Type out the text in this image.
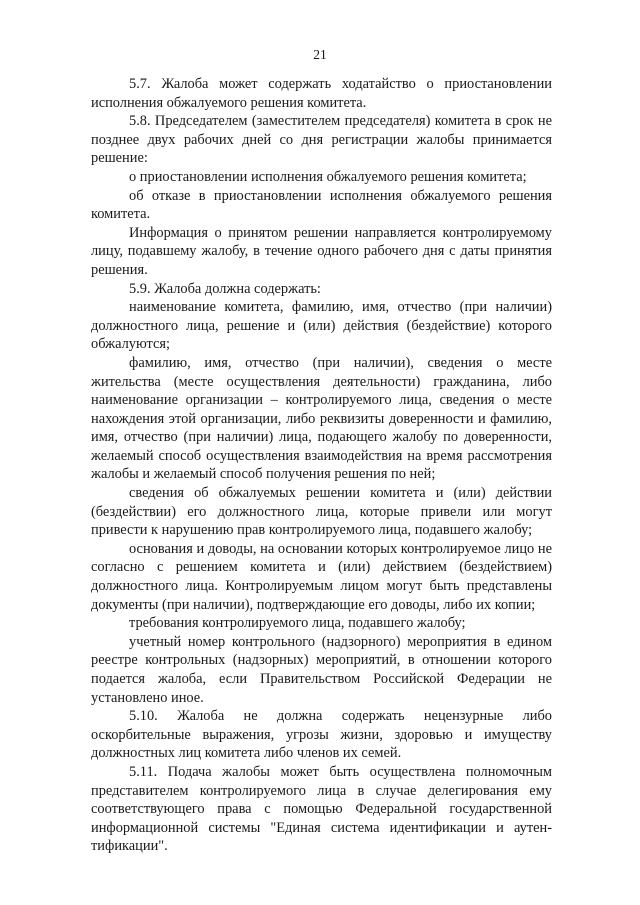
21

5.7. Жалоба может содержать ходатайство о приостановлении исполнения обжалуемого решения комитета.

5.8. Председателем (заместителем председателя) комитета в срок не позднее двух рабочих дней со дня регистрации жалобы принимается решение:

о приостановлении исполнения обжалуемого решения комитета;

об отказе в приостановлении исполнения обжалуемого решения комитета.

Информация о принятом решении направляется контролируемому лицу, подавшему жалобу, в течение одного рабочего дня с даты принятия решения.

5.9. Жалоба должна содержать:

наименование комитета, фамилию, имя, отчество (при наличии) должностного лица, решение и (или) действия (бездействие) которого обжалуются;

фамилию, имя, отчество (при наличии), сведения о месте жительства (месте осуществления деятельности) гражданина, либо наименование организации – контролируемого лица, сведения о месте нахождения этой организации, либо реквизиты доверенности и фамилию, имя, отчество (при наличии) лица, подающего жалобу по доверенности, желаемый способ осуществления взаимодействия на время рассмотрения жалобы и желаемый способ получения решения по ней;

сведения об обжалуемых решении комитета и (или) действии (бездействии) его должностного лица, которые привели или могут привести к нарушению прав контролируемого лица, подавшего жалобу;

основания и доводы, на основании которых контролируемое лицо не согласно с решением комитета и (или) действием (бездействием) должностного лица. Контролируемым лицом могут быть представлены документы (при наличии), подтверждающие его доводы, либо их копии;

требования контролируемого лица, подавшего жалобу;

учетный номер контрольного (надзорного) мероприятия в едином реестре контрольных (надзорных) мероприятий, в отношении которого подается жалоба, если Правительством Российской Федерации не установлено иное.

5.10. Жалоба не должна содержать нецензурные либо оскорбительные выражения, угрозы жизни, здоровью и имуществу должностных лиц комитета либо членов их семей.

5.11. Подача жалобы может быть осуществлена полномочным представителем контролируемого лица в случае делегирования ему соответствующего права с помощью Федеральной государственной информационной системы "Единая система идентификации и аутен-тификации".
